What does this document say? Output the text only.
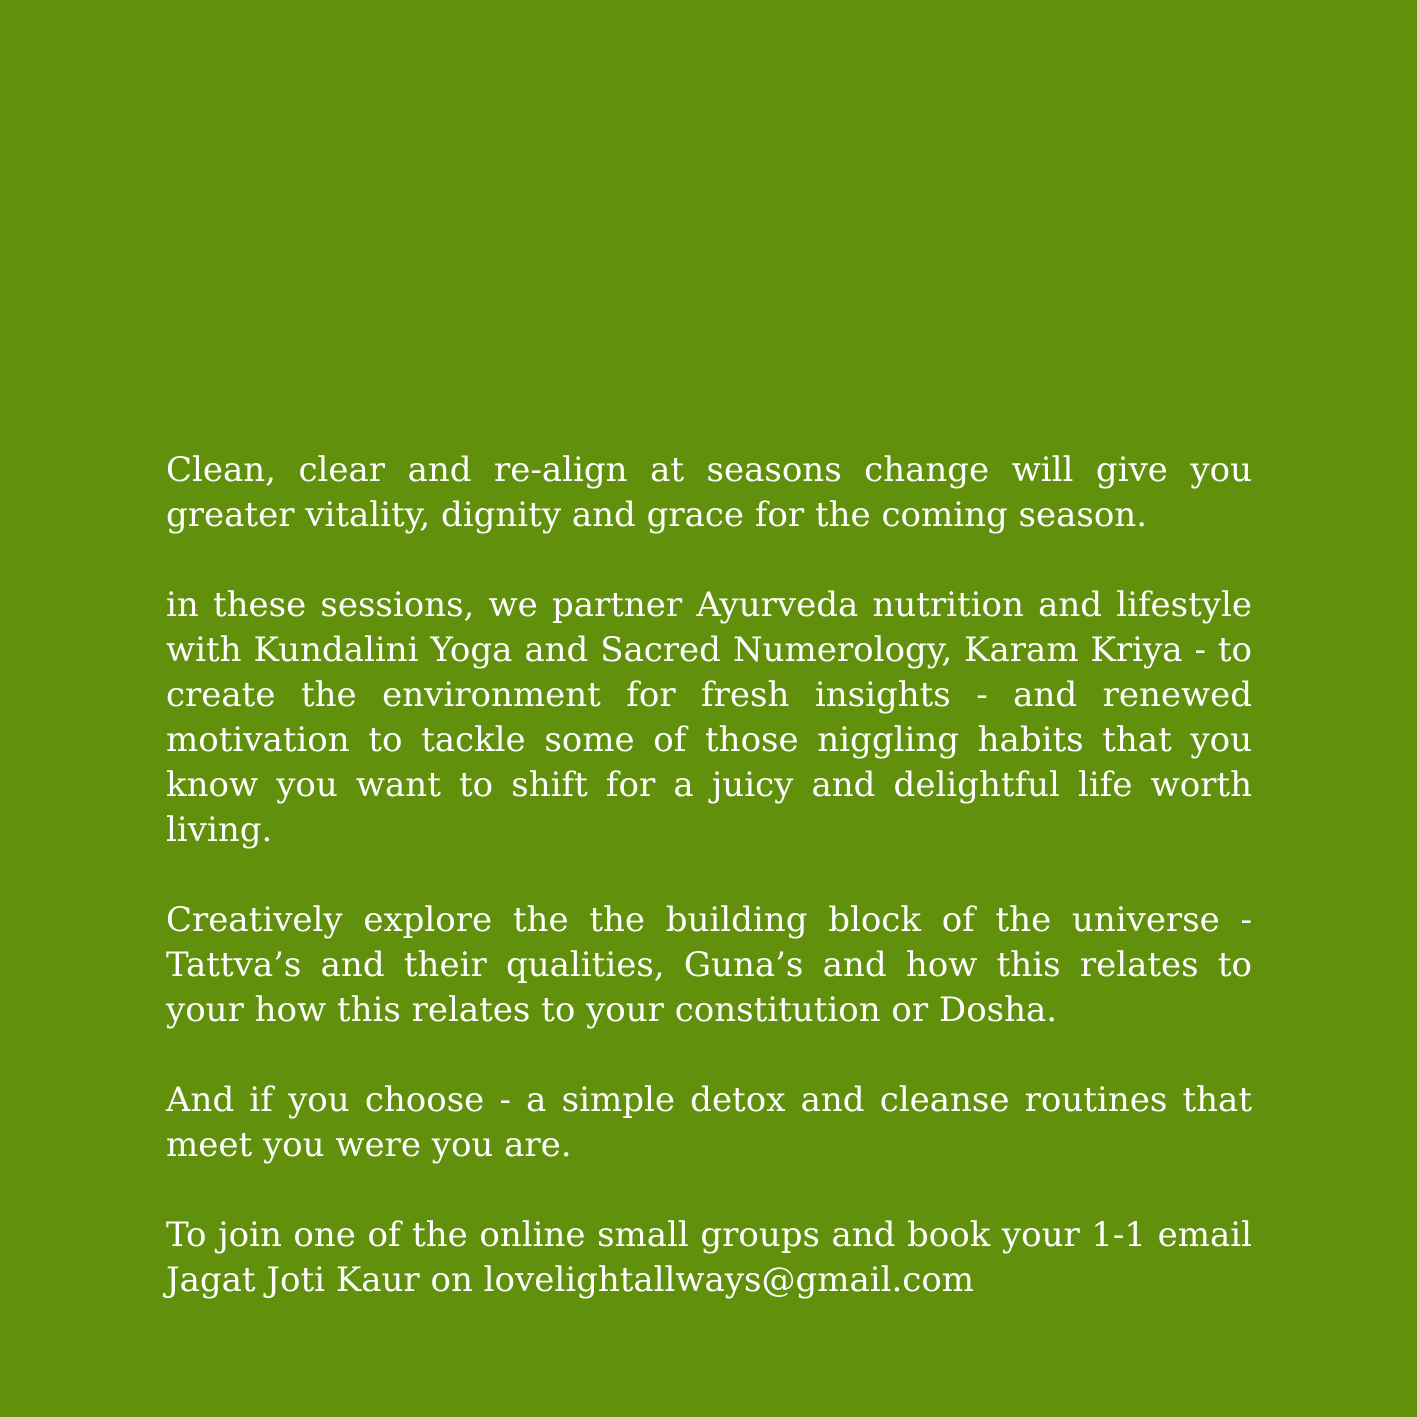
Clean, clear and re-align at seasons change will give you greater vitality, dignity and grace for the coming season.

in these sessions, we partner Ayurveda nutrition and lifestyle with Kundalini Yoga and Sacred Numerology, Karam Kriya - to create the environment for fresh insights - and renewed motivation to tackle some of those niggling habits that you know you want to shift for a juicy and delightful life worth living.

Creatively explore the the building block of the universe - Tattva’s and their qualities, Guna’s and how this relates to your how this relates to your constitution or Dosha.

And if you choose - a simple detox and cleanse routines that meet you were you are.

To join one of the online small groups and book your 1-1 email Jagat Joti Kaur on lovelightallways@gmail.com
